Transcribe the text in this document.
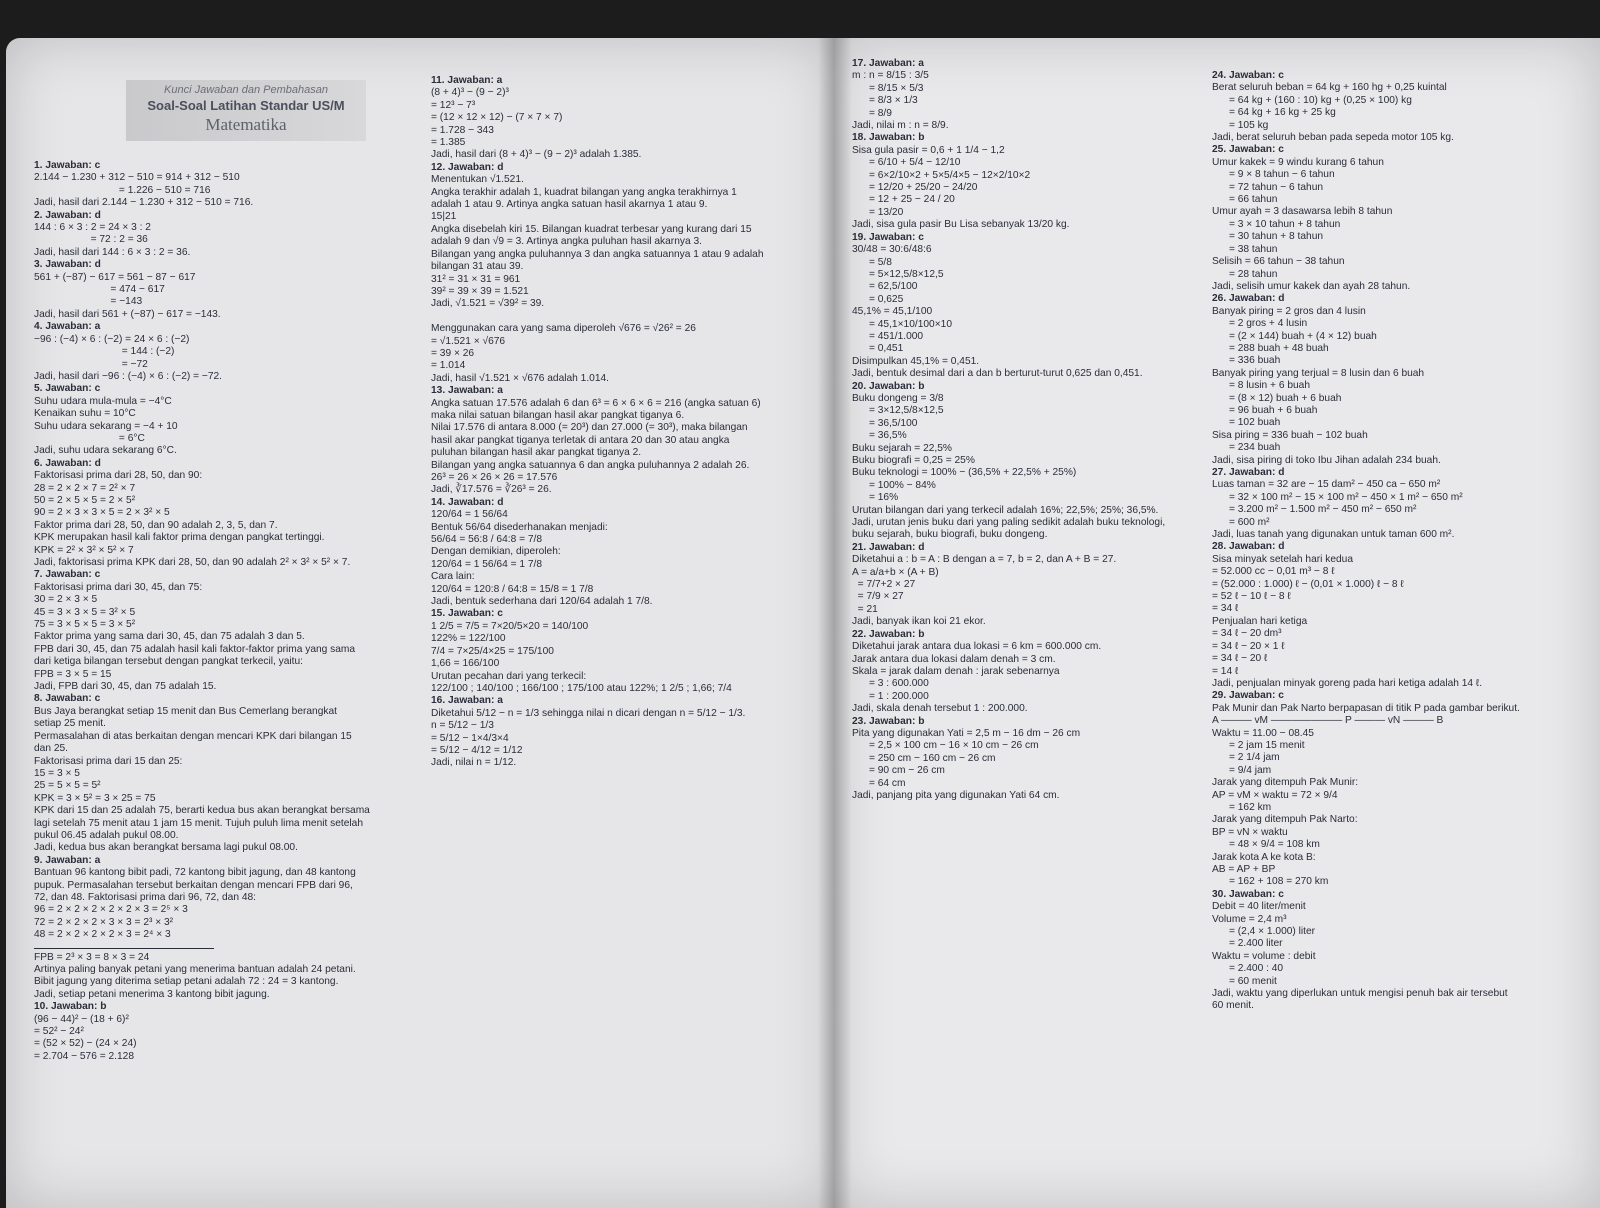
Kunci Jawaban dan Pembahasan
Soal-Soal Latihan Standar US/M
Matematika

1. Jawaban: c

2.144 − 1.230 + 312 − 510 = 914 + 312 − 510

= 1.226 − 510 = 716

Jadi, hasil dari 2.144 − 1.230 + 312 − 510 = 716.

2. Jawaban: d

144 : 6 × 3 : 2 = 24 × 3 : 2

= 72 : 2 = 36

Jadi, hasil dari 144 : 6 × 3 : 2 = 36.

3. Jawaban: d

561 + (−87) − 617 = 561 − 87 − 617

= 474 − 617

= −143

Jadi, hasil dari 561 + (−87) − 617 = −143.

4. Jawaban: a

−96 : (−4) × 6 : (−2) = 24 × 6 : (−2)

= 144 : (−2)

= −72

Jadi, hasil dari −96 : (−4) × 6 : (−2) = −72.

5. Jawaban: c

Suhu udara mula-mula = −4°C

Kenaikan suhu = 10°C

Suhu udara sekarang = −4 + 10

= 6°C

Jadi, suhu udara sekarang 6°C.

6. Jawaban: d

Faktorisasi prima dari 28, 50, dan 90:

28 = 2 × 2 × 7 = 2² × 7

50 = 2 × 5 × 5 = 2 × 5²

90 = 2 × 3 × 3 × 5 = 2 × 3² × 5

Faktor prima dari 28, 50, dan 90 adalah 2, 3, 5, dan 7.

KPK merupakan hasil kali faktor prima dengan pangkat tertinggi.

KPK = 2² × 3² × 5² × 7

Jadi, faktorisasi prima KPK dari 28, 50, dan 90 adalah 2² × 3² × 5² × 7.

7. Jawaban: c

Faktorisasi prima dari 30, 45, dan 75:

30 = 2 × 3 × 5

45 = 3 × 3 × 5 = 3² × 5

75 = 3 × 5 × 5 = 3 × 5²

Faktor prima yang sama dari 30, 45, dan 75 adalah 3 dan 5.

FPB dari 30, 45, dan 75 adalah hasil kali faktor-faktor prima yang sama

dari ketiga bilangan tersebut dengan pangkat terkecil, yaitu:

FPB = 3 × 5 = 15

Jadi, FPB dari 30, 45, dan 75 adalah 15.

8. Jawaban: c

Bus Jaya berangkat setiap 15 menit dan Bus Cemerlang berangkat

setiap 25 menit.

Permasalahan di atas berkaitan dengan mencari KPK dari bilangan 15

dan 25.

Faktorisasi prima dari 15 dan 25:

15 = 3 × 5

25 = 5 × 5 = 5²

KPK = 3 × 5² = 3 × 25 = 75

KPK dari 15 dan 25 adalah 75, berarti kedua bus akan berangkat bersama

lagi setelah 75 menit atau 1 jam 15 menit. Tujuh puluh lima menit setelah

pukul 06.45 adalah pukul 08.00.

Jadi, kedua bus akan berangkat bersama lagi pukul 08.00.

9. Jawaban: a

Bantuan 96 kantong bibit padi, 72 kantong bibit jagung, dan 48 kantong

pupuk. Permasalahan tersebut berkaitan dengan mencari FPB dari 96,

72, dan 48. Faktorisasi prima dari 96, 72, dan 48:

96 = 2 × 2 × 2 × 2 × 2 × 3 = 2⁵ × 3

72 = 2 × 2 × 2 × 3 × 3 = 2³ × 3²

48 = 2 × 2 × 2 × 2 × 3 = 2⁴ × 3

FPB = 2³ × 3 = 8 × 3 = 24

Artinya paling banyak petani yang menerima bantuan adalah 24 petani.

Bibit jagung yang diterima setiap petani adalah 72 : 24 = 3 kantong.

Jadi, setiap petani menerima 3 kantong bibit jagung.

10. Jawaban: b

(96 − 44)² − (18 + 6)²

= 52² − 24²

= (52 × 52) − (24 × 24)

= 2.704 − 576 = 2.128

11. Jawaban: a

(8 + 4)³ − (9 − 2)³

= 12³ − 7³

= (12 × 12 × 12) − (7 × 7 × 7)

= 1.728 − 343

= 1.385

Jadi, hasil dari (8 + 4)³ − (9 − 2)³ adalah 1.385.

12. Jawaban: d

Menentukan √1.521.

Angka terakhir adalah 1, kuadrat bilangan yang angka terakhirnya 1

adalah 1 atau 9. Artinya angka satuan hasil akarnya 1 atau 9.

15|21

Angka disebelah kiri 15. Bilangan kuadrat terbesar yang kurang dari 15

adalah 9 dan √9 = 3. Artinya angka puluhan hasil akarnya 3.

Bilangan yang angka puluhannya 3 dan angka satuannya 1 atau 9 adalah

bilangan 31 atau 39.

31² = 31 × 31 = 961

39² = 39 × 39 = 1.521

Jadi, √1.521 = √39² = 39.

Menggunakan cara yang sama diperoleh √676 = √26² = 26

= √1.521 × √676

= 39 × 26

= 1.014

Jadi, hasil √1.521 × √676 adalah 1.014.

13. Jawaban: a

Angka satuan 17.576 adalah 6 dan 6³ = 6 × 6 × 6 = 216 (angka satuan 6)

maka nilai satuan bilangan hasil akar pangkat tiganya 6.

Nilai 17.576 di antara 8.000 (= 20³) dan 27.000 (= 30³), maka bilangan

hasil akar pangkat tiganya terletak di antara 20 dan 30 atau angka

puluhan bilangan hasil akar pangkat tiganya 2.

Bilangan yang angka satuannya 6 dan angka puluhannya 2 adalah 26.

26³ = 26 × 26 × 26 = 17.576

Jadi, ∛17.576 = ∛26³ = 26.

14. Jawaban: d

120/64 = 1 56/64

Bentuk 56/64 disederhanakan menjadi:

56/64 = 56:8 / 64:8 = 7/8

Dengan demikian, diperoleh:

120/64 = 1 56/64 = 1 7/8

Cara lain:

120/64 = 120:8 / 64:8 = 15/8 = 1 7/8

Jadi, bentuk sederhana dari 120/64 adalah 1 7/8.

15. Jawaban: c

1 2/5 = 7/5 = 7×20/5×20 = 140/100

122% = 122/100

7/4 = 7×25/4×25 = 175/100

1,66 = 166/100

Urutan pecahan dari yang terkecil:

122/100 ; 140/100 ; 166/100 ; 175/100 atau 122%; 1 2/5 ; 1,66; 7/4

16. Jawaban: a

Diketahui 5/12 − n = 1/3 sehingga nilai n dicari dengan n = 5/12 − 1/3.

n = 5/12 − 1/3

= 5/12 − 1×4/3×4

= 5/12 − 4/12 = 1/12

Jadi, nilai n = 1/12.

17. Jawaban: a

m : n = 8/15 : 3/5

= 8/15 × 5/3

= 8/3 × 1/3

= 8/9

Jadi, nilai m : n = 8/9.

18. Jawaban: b

Sisa gula pasir = 0,6 + 1 1/4 − 1,2

= 6/10 + 5/4 − 12/10

= 6×2/10×2 + 5×5/4×5 − 12×2/10×2

= 12/20 + 25/20 − 24/20

= 12 + 25 − 24 / 20

= 13/20

Jadi, sisa gula pasir Bu Lisa sebanyak 13/20 kg.

19. Jawaban: c

30/48 = 30:6/48:6

= 5/8

= 5×12,5/8×12,5

= 62,5/100

= 0,625

45,1% = 45,1/100

= 45,1×10/100×10

= 451/1.000

= 0,451

Disimpulkan 45,1% = 0,451.

Jadi, bentuk desimal dari a dan b berturut-turut 0,625 dan 0,451.

20. Jawaban: b

Buku dongeng = 3/8

= 3×12,5/8×12,5

= 36,5/100

= 36,5%

Buku sejarah = 22,5%

Buku biografi = 0,25 = 25%

Buku teknologi = 100% − (36,5% + 22,5% + 25%)

= 100% − 84%

= 16%

Urutan bilangan dari yang terkecil adalah 16%; 22,5%; 25%; 36,5%.

Jadi, urutan jenis buku dari yang paling sedikit adalah buku teknologi,

buku sejarah, buku biografi, buku dongeng.

21. Jawaban: d

Diketahui a : b = A : B dengan a = 7, b = 2, dan A + B = 27.

A = a/a+b × (A + B)

= 7/7+2 × 27

= 7/9 × 27

= 21

Jadi, banyak ikan koi 21 ekor.

22. Jawaban: b

Diketahui jarak antara dua lokasi = 6 km = 600.000 cm.

Jarak antara dua lokasi dalam denah = 3 cm.

Skala = jarak dalam denah : jarak sebenarnya

= 3 : 600.000

= 1 : 200.000

Jadi, skala denah tersebut 1 : 200.000.

23. Jawaban: b

Pita yang digunakan Yati = 2,5 m − 16 dm − 26 cm

= 2,5 × 100 cm − 16 × 10 cm − 26 cm

= 250 cm − 160 cm − 26 cm

= 90 cm − 26 cm

= 64 cm

Jadi, panjang pita yang digunakan Yati 64 cm.

24. Jawaban: c

Berat seluruh beban = 64 kg + 160 hg + 0,25 kuintal

= 64 kg + (160 : 10) kg + (0,25 × 100) kg

= 64 kg + 16 kg + 25 kg

= 105 kg

Jadi, berat seluruh beban pada sepeda motor 105 kg.

25. Jawaban: c

Umur kakek = 9 windu kurang 6 tahun

= 9 × 8 tahun − 6 tahun

= 72 tahun − 6 tahun

= 66 tahun

Umur ayah = 3 dasawarsa lebih 8 tahun

= 3 × 10 tahun + 8 tahun

= 30 tahun + 8 tahun

= 38 tahun

Selisih = 66 tahun − 38 tahun

= 28 tahun

Jadi, selisih umur kakek dan ayah 28 tahun.

26. Jawaban: d

Banyak piring = 2 gros dan 4 lusin

= 2 gros + 4 lusin

= (2 × 144) buah + (4 × 12) buah

= 288 buah + 48 buah

= 336 buah

Banyak piring yang terjual = 8 lusin dan 6 buah

= 8 lusin + 6 buah

= (8 × 12) buah + 6 buah

= 96 buah + 6 buah

= 102 buah

Sisa piring = 336 buah − 102 buah

= 234 buah

Jadi, sisa piring di toko Ibu Jihan adalah 234 buah.

27. Jawaban: d

Luas taman = 32 are − 15 dam² − 450 ca − 650 m²

= 32 × 100 m² − 15 × 100 m² − 450 × 1 m² − 650 m²

= 3.200 m² − 1.500 m² − 450 m² − 650 m²

= 600 m²

Jadi, luas tanah yang digunakan untuk taman 600 m².

28. Jawaban: d

Sisa minyak setelah hari kedua

= 52.000 cc − 0,01 m³ − 8 ℓ

= (52.000 : 1.000) ℓ − (0,01 × 1.000) ℓ − 8 ℓ

= 52 ℓ − 10 ℓ − 8 ℓ

= 34 ℓ

Penjualan hari ketiga

= 34 ℓ − 20 dm³

= 34 ℓ − 20 × 1 ℓ

= 34 ℓ − 20 ℓ

= 14 ℓ

Jadi, penjualan minyak goreng pada hari ketiga adalah 14 ℓ.

29. Jawaban: c

Pak Munir dan Pak Narto berpapasan di titik P pada gambar berikut.

A ——— vM ——————— P ——— vN ——— B

Waktu = 11.00 − 08.45

= 2 jam 15 menit

= 2 1/4 jam

= 9/4 jam

Jarak yang ditempuh Pak Munir:

AP = vM × waktu = 72 × 9/4

= 162 km

Jarak yang ditempuh Pak Narto:

BP = vN × waktu

= 48 × 9/4 = 108 km

Jarak kota A ke kota B:

AB = AP + BP

= 162 + 108 = 270 km

30. Jawaban: c

Debit = 40 liter/menit

Volume = 2,4 m³

= (2,4 × 1.000) liter

= 2.400 liter

Waktu = volume : debit

= 2.400 : 40

= 60 menit

Jadi, waktu yang diperlukan untuk mengisi penuh bak air tersebut

60 menit.
